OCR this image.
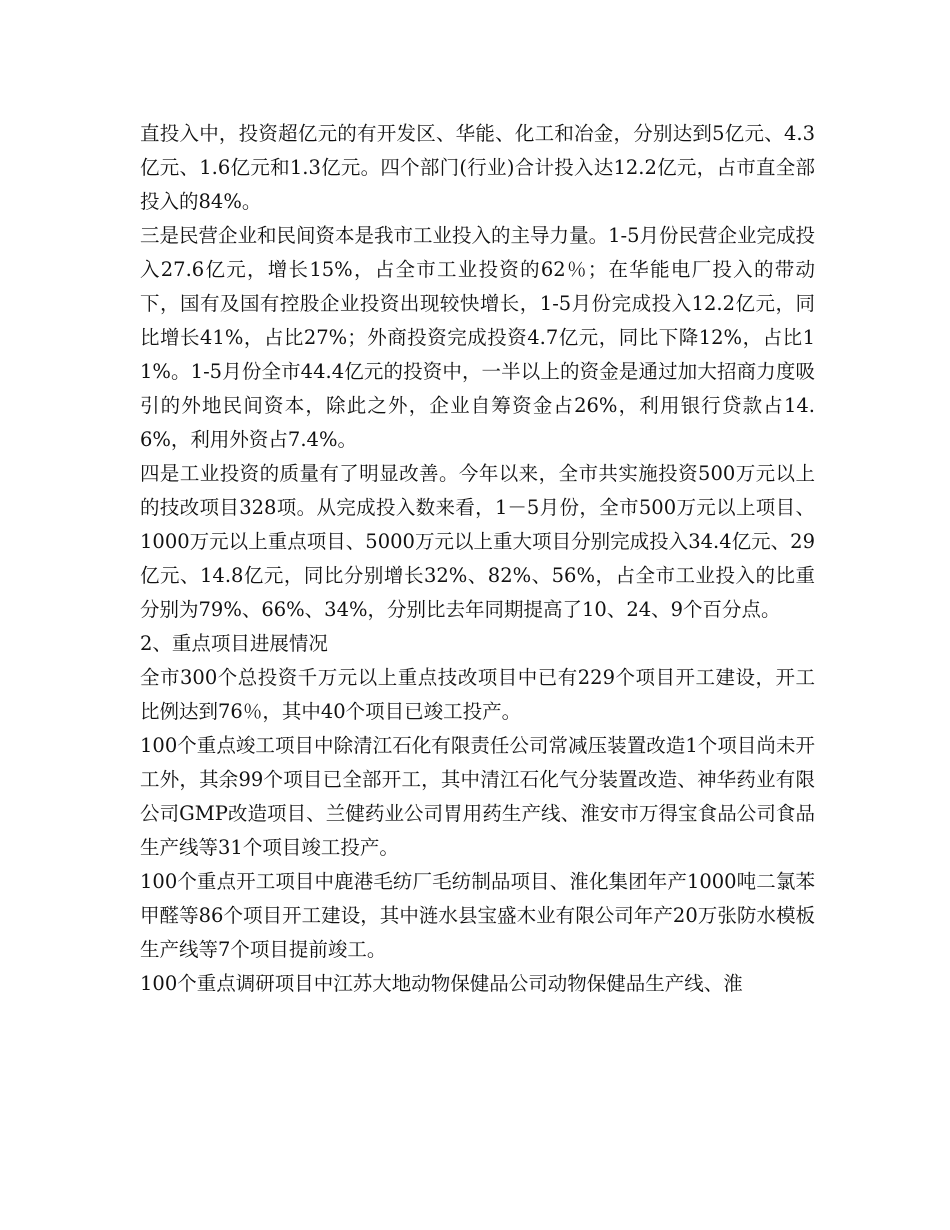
直投入中，投资超亿元的有开发区、华能、化工和冶金，分别达到5亿元、4.3亿元、1.6亿元和1.3亿元。四个部门(行业)合计投入达12.2亿元，占市直全部投入的84%。

三是民营企业和民间资本是我市工业投入的主导力量。1-5月份民营企业完成投入27.6亿元，增长15%，占全市工业投资的62％；在华能电厂投入的带动下，国有及国有控股企业投资出现较快增长，1-5月份完成投入12.2亿元，同比增长41%，占比27%；外商投资完成投资4.7亿元，同比下降12%，占比11%。1-5月份全市44.4亿元的投资中，一半以上的资金是通过加大招商力度吸引的外地民间资本，除此之外，企业自筹资金占26%，利用银行贷款占14.6%，利用外资占7.4%。

四是工业投资的质量有了明显改善。今年以来，全市共实施投资500万元以上的技改项目328项。从完成投入数来看，1－5月份，全市500万元以上项目、1000万元以上重点项目、5000万元以上重大项目分别完成投入34.4亿元、29亿元、14.8亿元，同比分别增长32%、82%、56%，占全市工业投入的比重分别为79%、66%、34%，分别比去年同期提高了10、24、9个百分点。

2、重点项目进展情况

全市300个总投资千万元以上重点技改项目中已有229个项目开工建设，开工比例达到76％，其中40个项目已竣工投产。

100个重点竣工项目中除清江石化有限责任公司常减压装置改造1个项目尚未开工外，其余99个项目已全部开工，其中清江石化气分装置改造、神华药业有限公司GMP改造项目、兰健药业公司胃用药生产线、淮安市万得宝食品公司食品生产线等31个项目竣工投产。

100个重点开工项目中鹿港毛纺厂毛纺制品项目、淮化集团年产1000吨二氯苯甲醛等86个项目开工建设，其中涟水县宝盛木业有限公司年产20万张防水模板生产线等7个项目提前竣工。

100个重点调研项目中江苏大地动物保健品公司动物保健品生产线、淮
